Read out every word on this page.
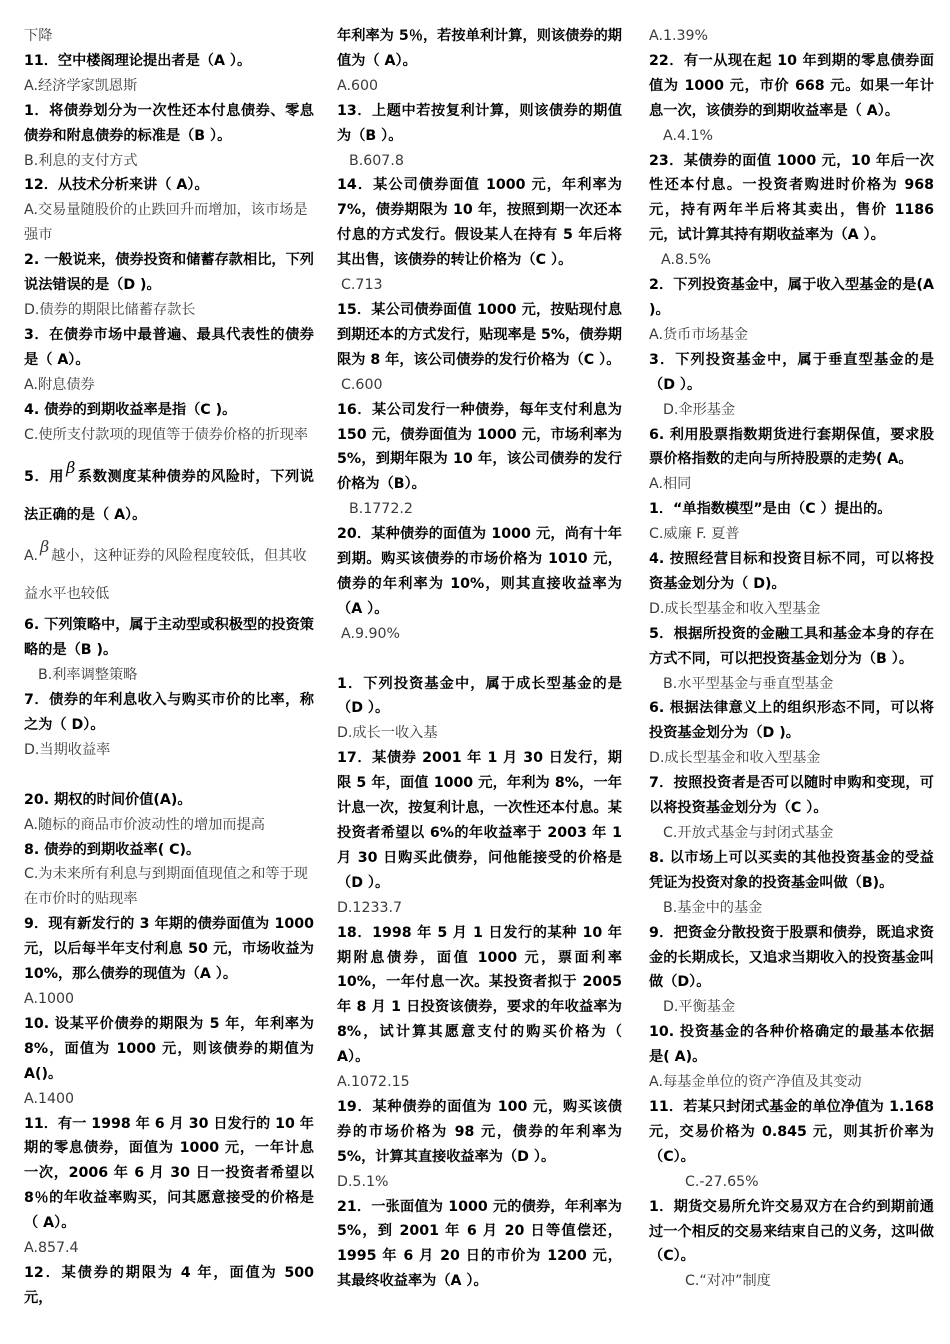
下降

11．空中楼阁理论提出者是（A ）。

A.经济学家凯恩斯

1．将债券划分为一次性还本付息债券、零息债券和附息债券的标准是（B ）。

B.利息的支付方式

12．从技术分析来讲（ A）。

A.交易量随股价的止跌回升而增加，该市场是强市

2. 一般说来，债券投资和储蓄存款相比，下列说法错误的是（D )。

D.债券的期限比储蓄存款长

3．在债券市场中最普遍、最具代表性的债券是（ A）。

A.附息债券

4. 债券的到期收益率是指（C )。

C.使所支付款项的现值等于债券价格的折现率

5．用 β 系数测度某种债券的风险时，下列说法正确的是（ A）。

A. β 越小，这种证券的风险程度较低，但其收益水平也较低

6. 下列策略中，属于主动型或积极型的投资策略的是（B )。

B.利率调整策略

7．债券的年利息收入与购买市价的比率，称之为（ D）。

D.当期收益率

20. 期权的时间价值(A)。

A.随标的商品市价波动性的增加而提高

8. 债券的到期收益率( C)。

C.为未来所有利息与到期面值现值之和等于现在市价时的贴现率

9．现有新发行的 3 年期的债券面值为 1000 元，以后每半年支付利息 50 元，市场收益为 10%，那么债券的现值为（A ）。

A.1000

10. 设某平价债券的期限为 5 年，年利率为 8%，面值为 1000 元，则该债券的期值为 A()。

A.1400

11．有一 1998 年 6 月 30 日发行的 10 年期的零息债券，面值为 1000 元，一年计息一次，2006 年 6 月 30 日一投资者希望以 8％的年收益率购买，问其愿意接受的价格是（ A）。

A.857.4

12．某债券的期限为 4 年，面值为 500 元，

年利率为 5％，若按单利计算，则该债券的期值为（ A）。

A.600

13．上题中若按复利计算，则该债券的期值为（B ）。

B.607.8

14．某公司债券面值 1000 元，年利率为 7%，债券期限为 10 年，按照到期一次还本付息的方式发行。假设某人在持有 5 年后将其出售，该债券的转让价格为（C ）。

C.713

15．某公司债券面值 1000 元，按贴现付息到期还本的方式发行，贴现率是 5%，债券期限为 8 年，该公司债券的发行价格为（C ）。

C.600

16．某公司发行一种债券，每年支付利息为 150 元，债券面值为 1000 元，市场利率为 5%，到期年限为 10 年，该公司债券的发行价格为（B）。

B.1772.2

20．某种债券的面值为 1000 元，尚有十年到期。购买该债券的市场价格为 1010 元，债券的年利率为 10%，则其直接收益率为（A ）。

A.9.90%

1．下列投资基金中，属于成长型基金的是（D ）。

D.成长一收入基

17．某债券 2001 年 1 月 30 日发行，期限 5 年，面值 1000 元，年利为 8%，一年计息一次，按复利计息，一次性还本付息。某投资者希望以 6%的年收益率于 2003 年 1 月 30 日购买此债券，问他能接受的价格是（D ）。

D.1233.7

18．1998 年 5 月 1 日发行的某种 10 年期附息债券，面值 1000 元，票面利率 10%，一年付息一次。某投资者拟于 2005 年 8 月 1 日投资该债券，要求的年收益率为 8%，试计算其愿意支付的购买价格为（ A）。

A.1072.15

19．某种债券的面值为 100 元，购买该债券的市场价格为 98 元，债券的年利率为 5%，计算其直接收益率为（D ）。

D.5.1%

21．一张面值为 1000 元的债券，年利率为 5%，到 2001 年 6 月 20 日等值偿还，1995 年 6 月 20 日的市价为 1200 元，其最终收益率为（A ）。

A.1.39%

22．有一从现在起 10 年到期的零息债券面值为 1000 元，市价 668 元。如果一年计息一次，该债券的到期收益率是（ A）。

A.4.1%

23．某债券的面值 1000 元，10 年后一次性还本付息。一投资者购进时价格为 968 元，持有两年半后将其卖出，售价 1186 元，试计算其持有期收益率为（A ）。

A.8.5%

2．下列投资基金中，属于收入型基金的是(A )。

A.货币市场基金

3．下列投资基金中，属于垂直型基金的是（D ）。

D.伞形基金

6. 利用股票指数期货进行套期保值，要求股票价格指数的走向与所持股票的走势( A。

A.相同

1．“单指数模型”是由（C ）提出的。

C.威廉 F. 夏普

4. 按照经营目标和投资目标不同，可以将投资基金划分为（ D)。

D.成长型基金和收入型基金

5．根据所投资的金融工具和基金本身的存在方式不同，可以把投资基金划分为（B ）。

B.水平型基金与垂直型基金

6. 根据法律意义上的组织形态不同，可以将投资基金划分为（D )。

D.成长型基金和收入型基金

7．按照投资者是否可以随时申购和变现，可以将投资基金划分为（C ）。

C.开放式基金与封闭式基金

8. 以市场上可以买卖的其他投资基金的受益凭证为投资对象的投资基金叫做（B)。

B.基金中的基金

9．把资金分散投资于股票和债券，既追求资金的长期成长，又追求当期收入的投资基金叫做（D）。

D.平衡基金

10. 投资基金的各种价格确定的最基本依据是( A)。

A.每基金单位的资产净值及其变动

11．若某只封闭式基金的单位净值为 1.168 元，交易价格为 0.845 元，则其折价率为（C）。

C.-27.65%

1．期货交易所允许交易双方在合约到期前通过一个相反的交易来结束自己的义务，这叫做（C）。

C.“对冲”制度
